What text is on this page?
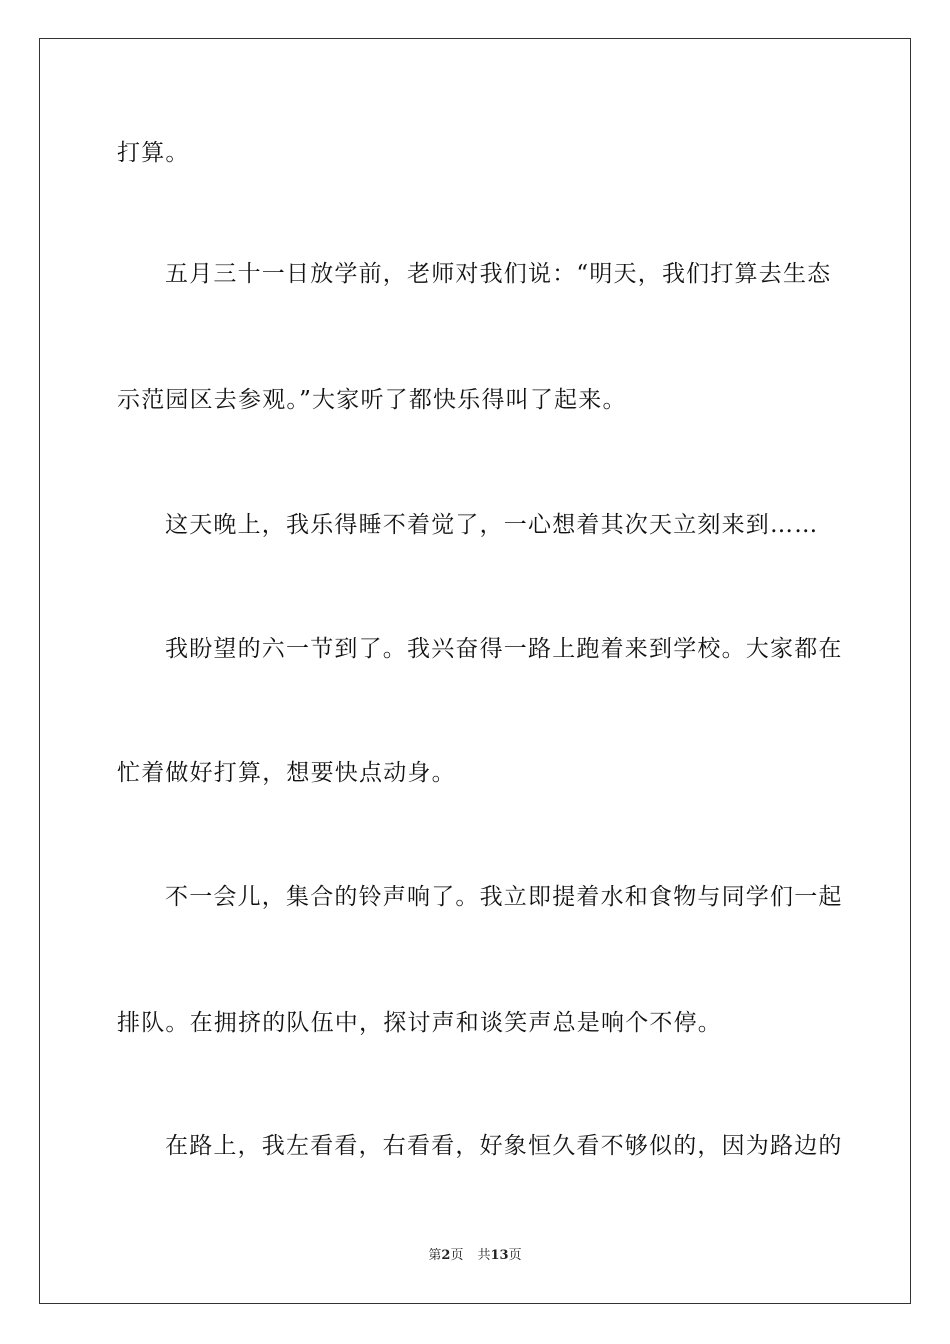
打算。
五月三十一日放学前，老师对我们说：“明天，我们打算去生态
示范园区去参观。”大家听了都快乐得叫了起来。
这天晚上，我乐得睡不着觉了，一心想着其次天立刻来到……
我盼望的六一节到了。我兴奋得一路上跑着来到学校。大家都在
忙着做好打算，想要快点动身。
不一会儿，集合的铃声响了。我立即提着水和食物与同学们一起
排队。在拥挤的队伍中，探讨声和谈笑声总是响个不停。
在路上，我左看看，右看看，好象恒久看不够似的，因为路边的
第2页 共13页
